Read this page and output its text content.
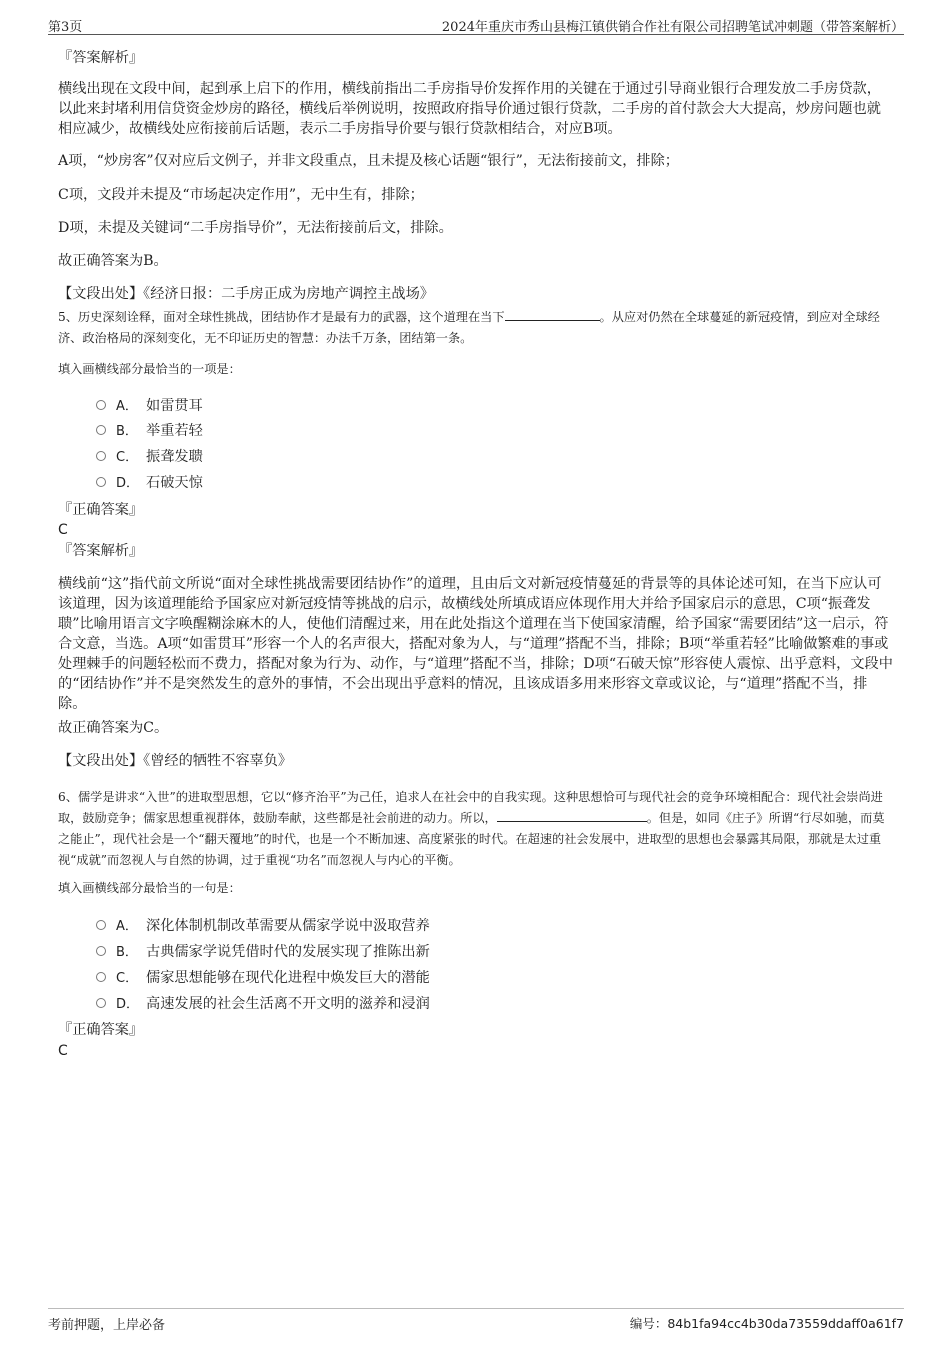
第3页	2024年重庆市秀山县梅江镇供销合作社有限公司招聘笔试冲刺题（带答案解析）

『答案解析』

横线出现在文段中间，起到承上启下的作用，横线前指出二手房指导价发挥作用的关键在于通过引导商业银行合理发放二手房贷款，以此来封堵利用信贷资金炒房的路径，横线后举例说明，按照政府指导价通过银行贷款，二手房的首付款会大大提高，炒房问题也就相应减少，故横线处应衔接前后话题，表示二手房指导价要与银行贷款相结合，对应B项。

A项，“炒房客”仅对应后文例子，并非文段重点，且未提及核心话题“银行”，无法衔接前文，排除；

C项，文段并未提及“市场起决定作用”，无中生有，排除；

D项，未提及关键词“二手房指导价”，无法衔接前后文，排除。

故正确答案为B。

【文段出处】《经济日报：二手房正成为房地产调控主战场》

5、历史深刻诠释，面对全球性挑战，团结协作才是最有力的武器，这个道理在当下	。从应对仍然在全球蔓延的新冠疫情，到应对全球经济、政治格局的深刻变化，无不印证历史的智慧：办法千万条，团结第一条。

填入画横线部分最恰当的一项是：

A． 如雷贯耳
B． 举重若轻
C． 振聋发聩
D． 石破天惊

『正确答案』

C

『答案解析』

横线前“这”指代前文所说“面对全球性挑战需要团结协作”的道理，且由后文对新冠疫情蔓延的背景等的具体论述可知，在当下应认可该道理，因为该道理能给予国家应对新冠疫情等挑战的启示，故横线处所填成语应体现作用大并给予国家启示的意思，C项“振聋发聩”比喻用语言文字唤醒糊涂麻木的人，使他们清醒过来，用在此处指这个道理在当下使国家清醒，给予国家“需要团结”这一启示，符合文意，当选。A项“如雷贯耳”形容一个人的名声很大，搭配对象为人，与“道理”搭配不当，排除；B项“举重若轻”比喻做繁难的事或处理棘手的问题轻松而不费力，搭配对象为行为、动作，与“道理”搭配不当，排除；D项“石破天惊”形容使人震惊、出乎意料，文段中的“团结协作”并不是突然发生的意外的事情，不会出现出乎意料的情况，且该成语多用来形容文章或议论，与“道理”搭配不当，排除。

故正确答案为C。

【文段出处】《曾经的牺牲不容辜负》

6、儒学是讲求“入世”的进取型思想，它以“修齐治平”为己任，追求人在社会中的自我实现。这种思想恰可与现代社会的竞争环境相配合：现代社会崇尚进取，鼓励竞争；儒家思想重视群体，鼓励奉献，这些都是社会前进的动力。所以，	。但是，如同《庄子》所谓“行尽如驰，而莫之能止”，现代社会是一个“翻天覆地”的时代，也是一个不断加速、高度紧张的时代。在超速的社会发展中，进取型的思想也会暴露其局限，那就是太过重视“成就”而忽视人与自然的协调，过于重视“功名”而忽视人与内心的平衡。

填入画横线部分最恰当的一句是：

A． 深化体制机制改革需要从儒家学说中汲取营养
B． 古典儒家学说凭借时代的发展实现了推陈出新
C． 儒家思想能够在现代化进程中焕发巨大的潜能
D． 高速发展的社会生活离不开文明的滋养和浸润

『正确答案』

C

考前押题，上岸必备	编号：84b1fa94cc4b30da73559ddaff0a61f7
